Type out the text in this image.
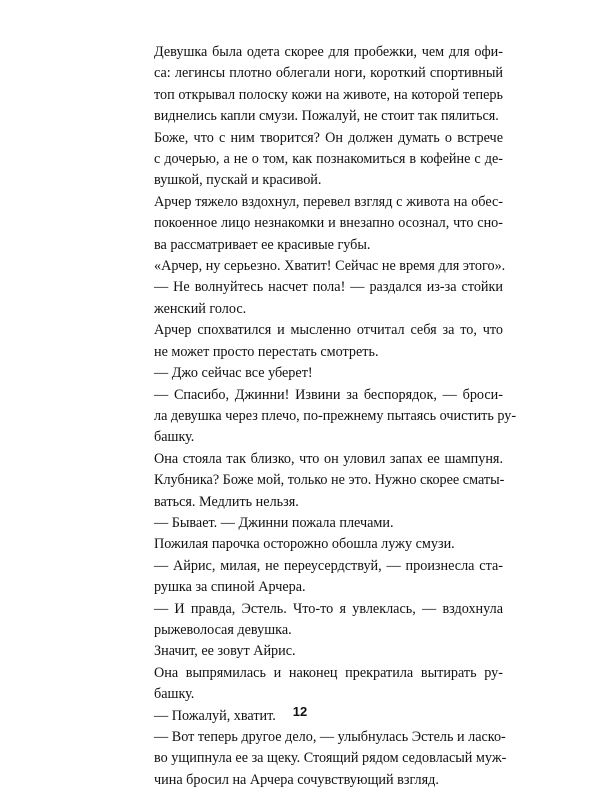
Девушка была одета скорее для пробежки, чем для офи-
са: легинсы плотно облегали ноги, короткий спортивный
топ открывал полоску кожи на животе, на которой теперь
виднелись капли смузи. Пожалуй, не стоит так пялиться.

Боже, что с ним творится? Он должен думать о встрече
с дочерью, а не о том, как познакомиться в кофейне с де-
вушкой, пускай и красивой.

Арчер тяжело вздохнул, перевел взгляд с живота на обес-
покоенное лицо незнакомки и внезапно осознал, что сно-
ва рассматривает ее красивые губы.

«Арчер, ну серьезно. Хватит! Сейчас не время для этого».

— Не волнуйтесь насчет пола! — раздался из-за стойки
женский голос.

Арчер спохватился и мысленно отчитал себя за то, что
не может просто перестать смотреть.

— Джо сейчас все уберет!

— Спасибо, Джинни! Извини за беспорядок, — броси-
ла девушка через плечо, по-прежнему пытаясь очистить ру-
башку.

Она стояла так близко, что он уловил запах ее шампуня.
Клубника? Боже мой, только не это. Нужно скорее сматы-
ваться. Медлить нельзя.

— Бывает. — Джинни пожала плечами.

Пожилая парочка осторожно обошла лужу смузи.

— Айрис, милая, не переусердствуй, — произнесла ста-
рушка за спиной Арчера.

— И правда, Эстель. Что-то я увлеклась, — вздохнула
рыжеволосая девушка.

Значит, ее зовут Айрис.

Она выпрямилась и наконец прекратила вытирать ру-
башку.

— Пожалуй, хватит.

— Вот теперь другое дело, — улыбнулась Эстель и ласко-
во ущипнула ее за щеку. Стоящий рядом седовласый муж-
чина бросил на Арчера сочувствующий взгляд.

12
